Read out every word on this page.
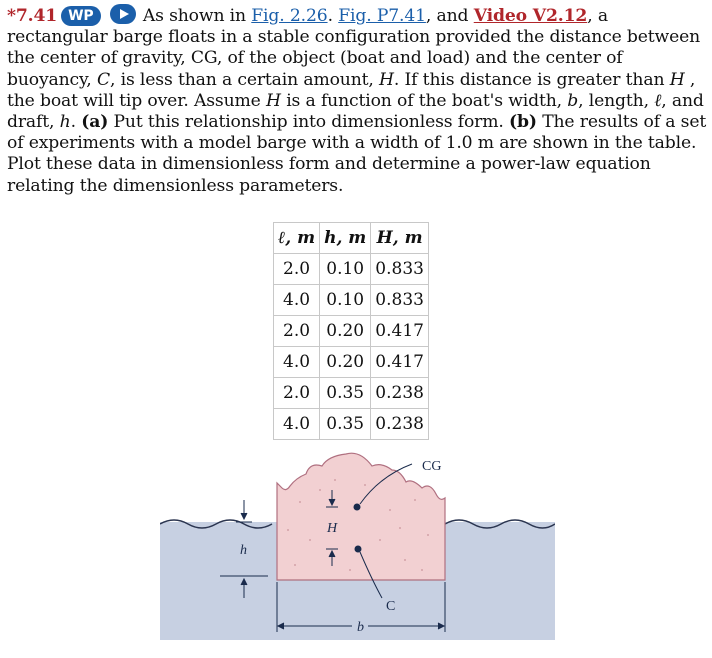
*7.41 WP	As shown in Fig. 2.26. Fig. P7.41, and Video V2.12, a rectangular barge floats in a stable configuration provided the distance between the center of gravity, CG, of the object (boat and load) and the center of buoyancy, C, is less than a certain amount, H. If this distance is greater than H , the boat will tip over. Assume H is a function of the boat's width, b, length, ℓ, and draft, h. (a) Put this relationship into dimensionless form. (b) The results of a set of experiments with a model barge with a width of 1.0 m are shown in the table. Plot these data in dimensionless form and determine a power-law equation relating the dimensionless parameters.

ℓ, m	h, m	H, m
2.0	0.10	0.833
4.0	0.10	0.833
2.0	0.20	0.417
4.0	0.20	0.417
2.0	0.35	0.238
4.0	0.35	0.238
CG
C
H
h
b
